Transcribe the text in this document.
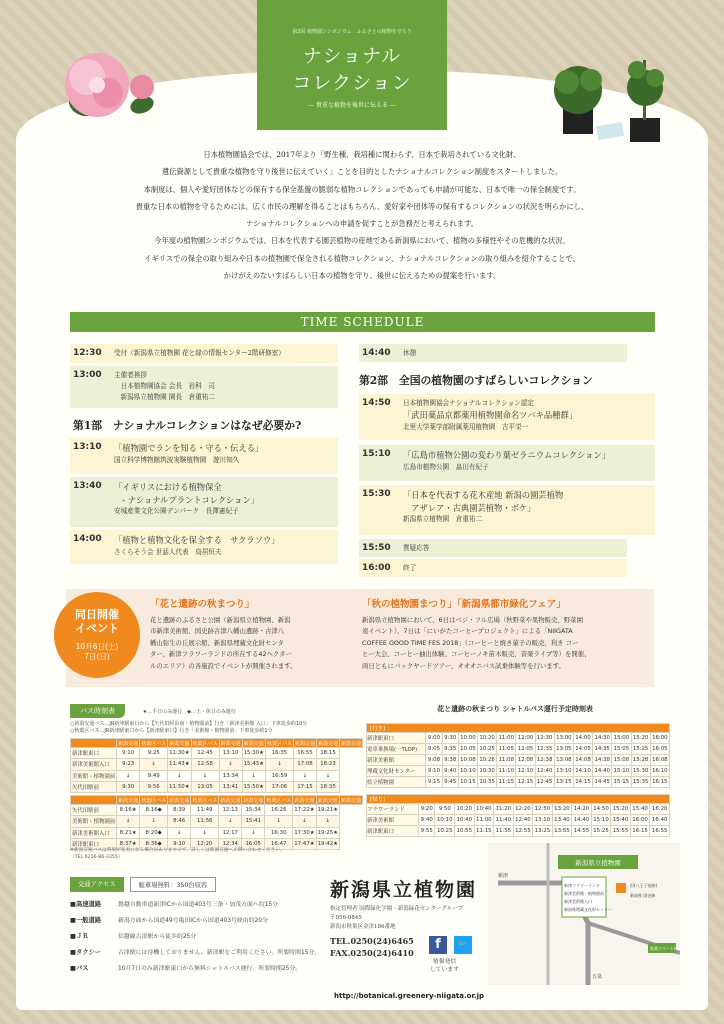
第2回 植物園シンポジウム　ふるさとの植物を守ろう
ナショナル
コレクション
— 貴重な植物を後世に伝える —
日本植物園協会では、2017年より「野生種、栽培種に関わらず、日本で栽培されている文化財、
遺伝資源として貴重な植物を守り後世に伝えていく」ことを目的としたナショナルコレクション制度をスタートしました。
本制度は、個人や愛好団体などの保有する保全基盤の脆弱な植物コレクションであっても申請が可能な、日本で唯一の保全制度です。
貴重な日本の植物を守るためには、広く市民の理解を得ることはもちろん、愛好家や団体等の保有するコレクションの状況を明らかにし、
ナショナルコレクションへの申請を促すことが急務だと考えられます。
今年度の植物園シンポジウムでは、日本を代表する園芸植物の産地である新潟県において、植物の多様性やその危機的な状況、
イギリスでの保全の取り組みや日本の植物園で保全される植物コレクション、ナショナルコレクションの取り組みを紹介することで、
かけがえのないすばらしい日本の植物を守り、後世に伝えるための提案を行います。
TIME SCHEDULE
12:30 受付（新潟県立植物園 花と緑の情報センター2階研修室）
13:00 主催者挨拶
　日本植物園協会 会長　岩科　司
　新潟県立植物園 園長　倉重祐二
第1部　ナショナルコレクションはなぜ必要か?
13:10 「植物園でランを知る・守る・伝える」
国立科学博物館筑波実験植物園　遊川知久
13:40 「イギリスにおける植物保全
　- ナショナルプラントコレクション」
安城産業文化公園デンパーク　長澤憲紀子
14:00 「植物と植物文化を保全する　サクラソウ」
さくらそう会 世話人代表　鳥居恒夫
14:40 休憩
第2部　全国の植物園のすばらしいコレクション
14:50 日本植物園協会ナショナルコレクション認定
「武田薬品京都薬用植物園命名ツバキ品種群」
北里大学薬学部附属薬用植物園　古平栄一
15:10 「広島市植物公園の変わり葉ゼラニウムコレクション」
広島市植物公園　畠田有紀子
15:30 「日本を代表する花木産地 新潟の園芸植物
　アザレア・古典園芸植物・ボケ」
新潟県立植物園　倉重祐二
15:50 質疑応答
16:00 終了
同日開催
イベント
10月6日(土)
7日(日)
「花と遺跡の秋まつり」
花と遺跡のふるさと公園（新潟県立植物園、新潟
市新津美術館、国史跡古津八幡山遺跡・古津八
幡山弥生の丘展示館、新潟県埋蔵文化財センタ
ター、新津フラワーランドの所在する42ヘクター
ルのエリア）の各施設でイベントが開催されます。
「秋の植物園まつり」「新潟県都市緑化フェア」
新潟県立植物園において、6日はベジ・フル広場（秋野菜や果物販売、野菜園
遠イベント）、7日は「にいがたコーヒープロジェクト」による「NIIGATA
COFFEE GOOD TIME FES 2018」（コーヒーと焼き菓子の販売、利き コー
ヒー大会、コーヒー抽出体験、コーヒーノキ苗木販売、音楽ライブ等）を開催、
両日ともにバックヤードツアー、オオオニバス試乗体験等を行います。
バス時刻表	★…平日のみ運行　◆…土・休日のみ運行
○新潟交通バス…JR新津駅東口から【矢代田経由南・植物園前】行き「新津美術館 入口」下車徒歩約10分
○秋葉区バス…JR新津駅東口から【新津駅東口】行き「美術館・植物園前」下車徒歩約1分
	新潟交通	秋葉区バス	新潟交通	秋葉区バス	新潟交通	新潟交通	秋葉区バス	新潟交通	新潟交通	新潟交通
新津駅東口	9:10	9:25	11:30★	12:45	13:10	15:30★	16:35	16:55	18:15	
新津美術館入口	9:23	↓	11:43★	12:58	↓	15:43★	↓	17:08	18:23	
美術館・植物園前	↓	9:49	↓	↓	13:34	↓	16:59	↓	↓	
矢代田駅前	9:30	9:56	11:50★	13:05	13:41	15:50★	17:06	17:15	18:35	
	新潟交通	秋葉区バス	新潟交通	秋葉区バス	新潟交通	新潟交通	秋葉区バス	新潟交通	新潟交通	新潟交通
矢代田駅前	8:16★	8:16◆	8:39	11:49	12:13	15:34	16:26	17:22★	19:21★	
美術館・植物園前	↓	↓	8:46	11:56	↓	15:41	↓	↓	↓	
新津美術館入口	8:21★	8:20◆	↓	↓	12:17	↓	16:30	17:30★	19:25★	
新津駅東口	8:37★	8:36◆	9:10	12:20	12:34	16:05	16:47	17:47★	19:42★	
※新潟交通バスは時刻が変更になる場合がありますので、詳しくは新潟交通へお問い合わせください。
（TEL.0256-86-3355）
花と遺跡の秋まつり シャトルバス運行予定時刻表
[行き]													
新津駅東口	9:00	9:30	10:00	10:20	11:00	12:00	12:30	13:00	14:00	14:30	15:00	15:20	16:00
電車乗換場(一TLOP)	9:05	9:35	10:05	10:25	11:05	12:05	12:35	13:05	14:05	14:35	15:05	15:25	16:05
新津美術館	9:08	9:38	10:08	10:28	11:08	12:08	12:38	13:08	14:08	14:38	15:08	15:28	16:08
埋蔵文化財センター	9:10	9:40	10:10	10:30	11:10	12:10	12:40	13:10	14:10	14:40	15:10	15:30	16:10
県立植物園	9:15	9:45	10:15	10:35	11:15	12:15	12:45	13:15	14:15	14:45	15:15	15:35	16:15
[帰り]													
フラワーランド	9:20	9:50	10:20	10:40	11:20	12:20	12:50	13:20	14:20	14:50	15:20	15:40	16:20
新津美術館	9:40	10:10	10:40	11:00	11:40	12:40	13:10	13:40	14:40	15:10	15:40	16:00	16:40
新津駅東口	9:55	10:25	10:55	11:15	11:55	12:55	13:25	13:55	14:55	15:25	15:55	16:15	16:55
交通アクセス	駐車場無料：350台収容
■高速道路	磐越自動車道新津ICから国道403号三条・加茂方面へ約15分
■一般道路	新潟方面から国道49号亀田ICから国道403号経由約20分
■ＪＲ	信越線古津駅から徒歩約25分
■タクシー	古津駅には待機しておりません。新津駅をご利用ください。所要時間15分。
■バス	10月7日のみ新津駅東口から無料シャトルバス運行。所要時間25分。
新潟県立植物園
指定管理者 国際緑化学園・新潟緑花センターグループ
〒956-0845
新潟市秋葉区金津186番地
TEL.0250(24)6465
FAX.0250(24)6410
f	🐦
情報発信
しています
http://botanical.greenery-niigata.or.jp
新潟県立植物園
新津フラワーランド
新津美術館・植物園前
新津美術館入口
新潟県埋蔵文化財センター
旧(八王子宿跡)
新潟県 国史跡
秋葉スマートIC
五泉
新津
